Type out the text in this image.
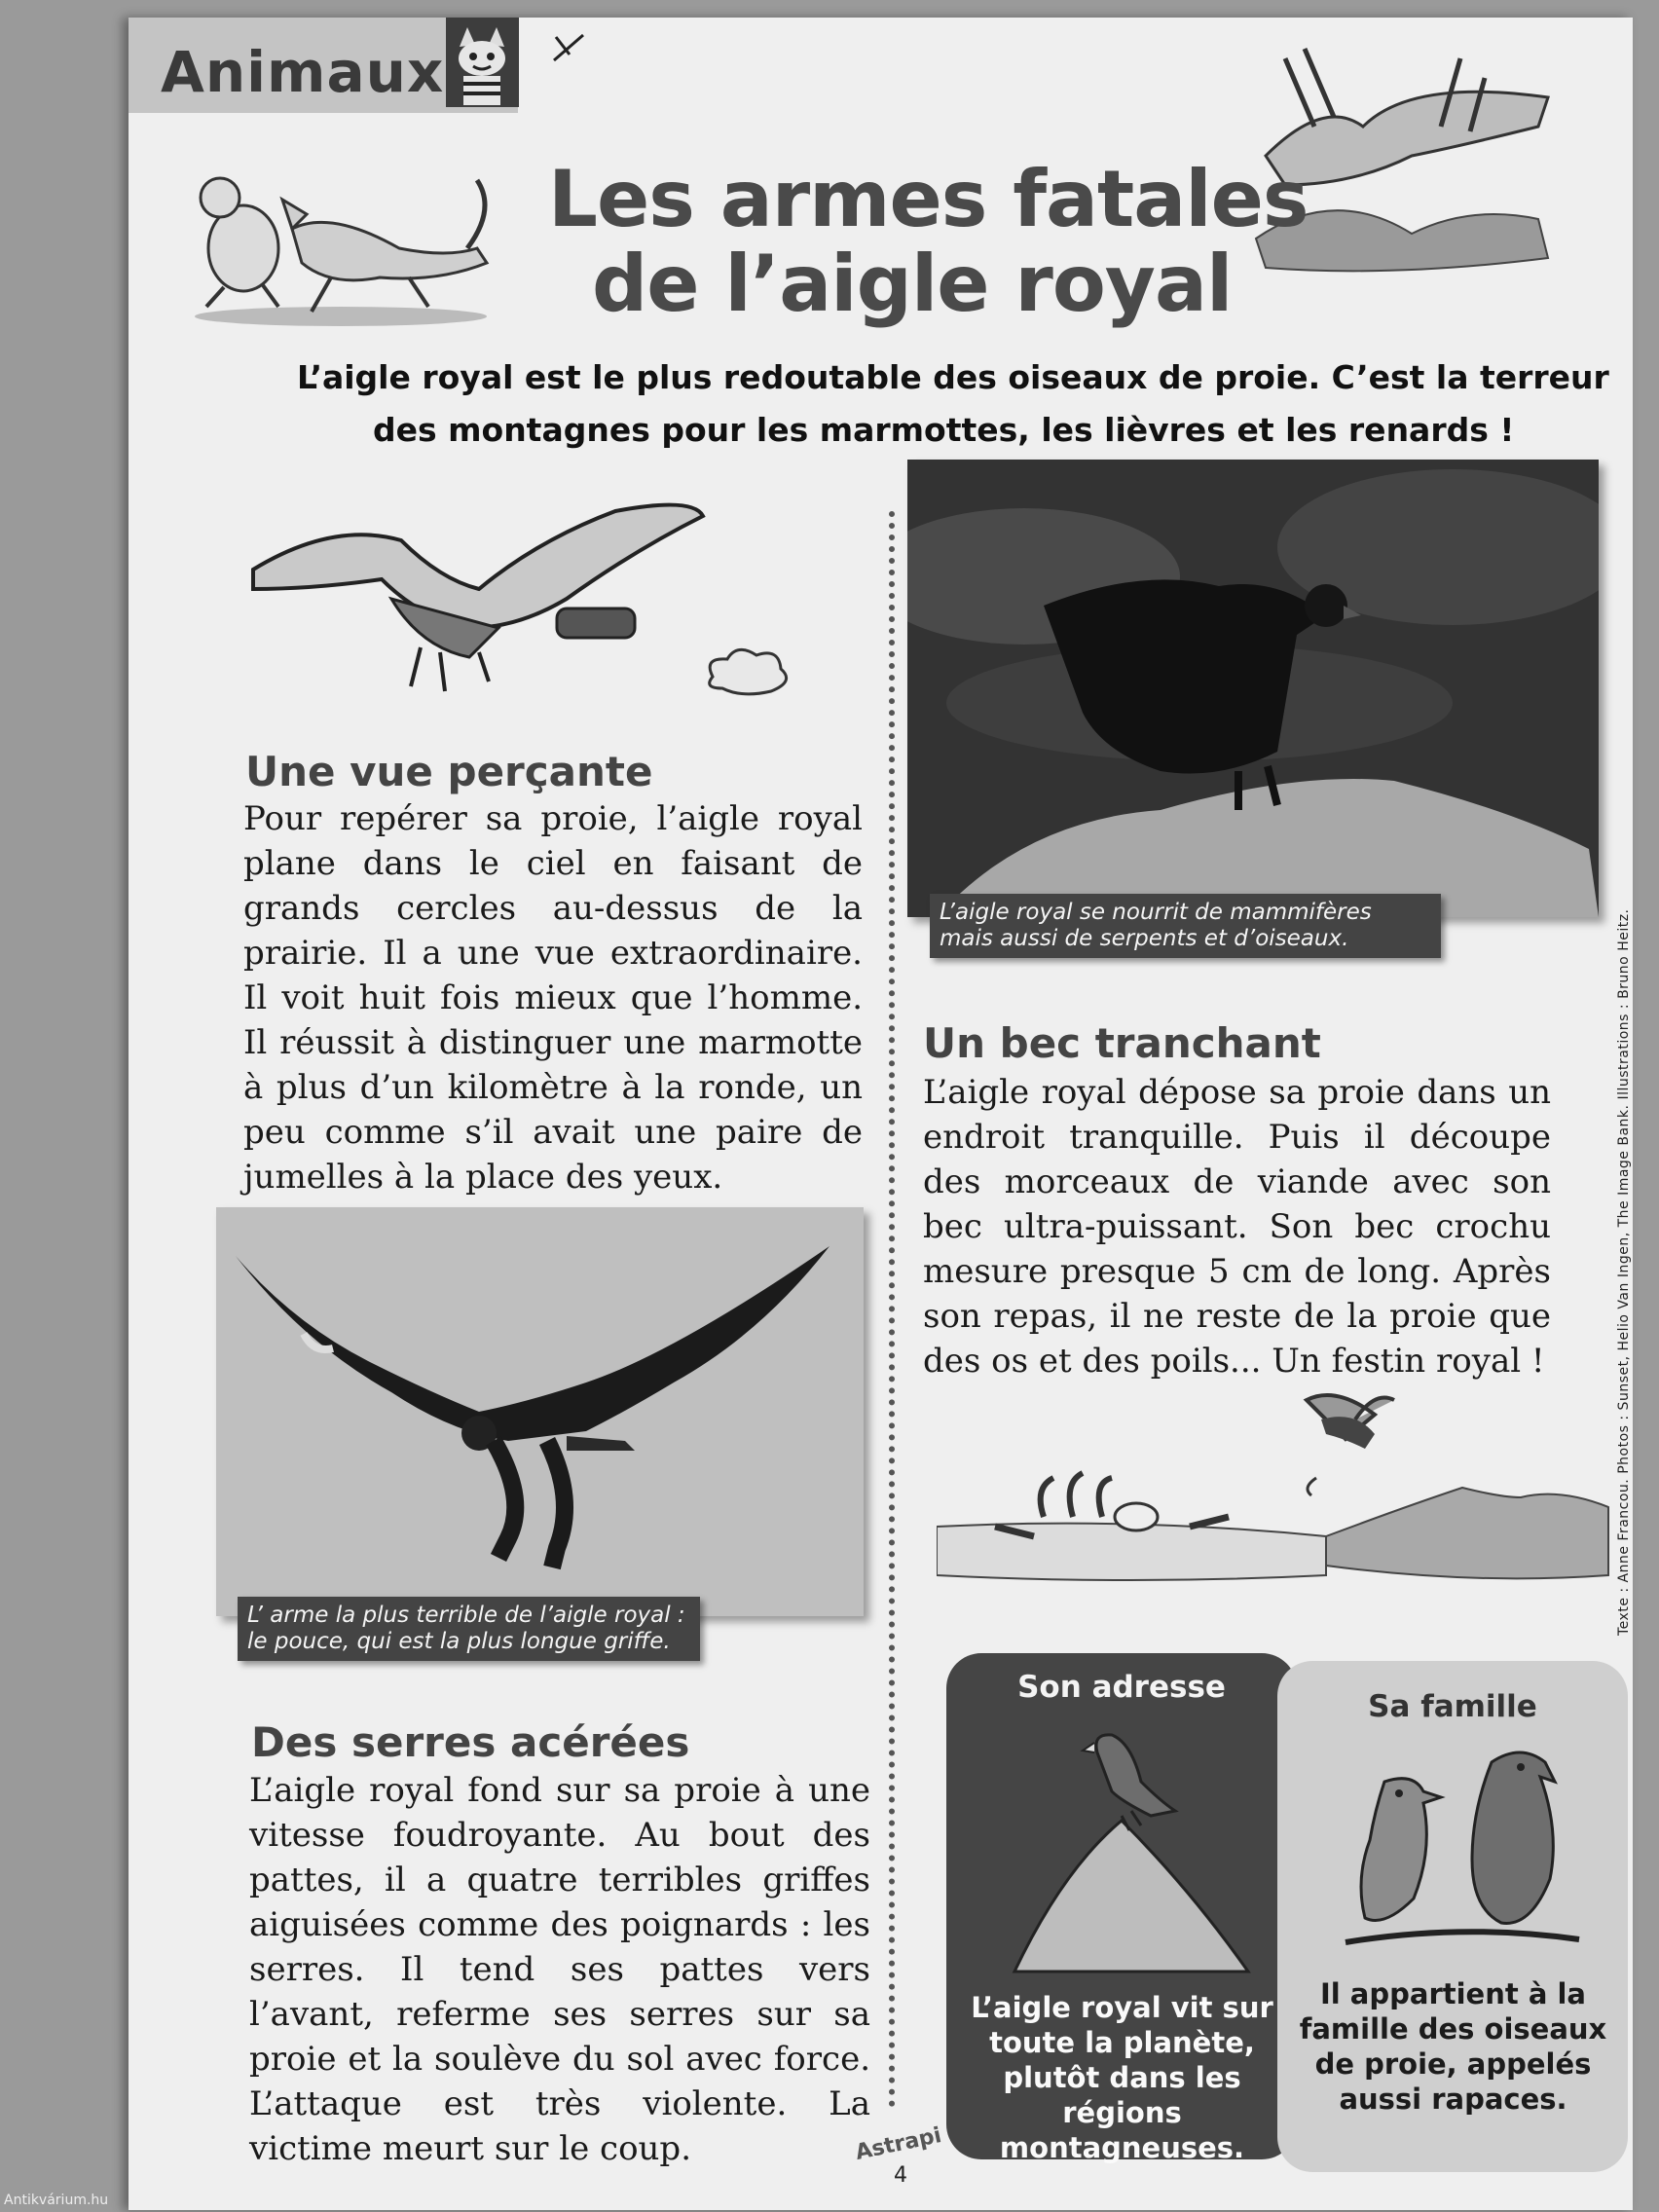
Animaux
Les armes fatales
de l’aigle royal
L’aigle royal est le plus redoutable des oiseaux de proie. C’est la terreur
des montagnes pour les marmottes, les lièvres et les renards !
Une vue perçante
Pour repérer sa proie, l’aigle royal plane dans le ciel en faisant de grands cercles au-dessus de la prairie. Il a une vue extraordinaire. Il voit huit fois mieux que l’homme. Il réussit à distinguer une marmotte à plus d’un kilomètre à la ronde, un peu comme s’il avait une paire de jumelles à la place des yeux.
L’aigle royal se nourrit de mammifères mais aussi de serpents et d’oiseaux.
Un bec tranchant
L’aigle royal dépose sa proie dans un endroit tranquille. Puis il découpe des morceaux de viande avec son bec ultra-puissant. Son bec crochu mesure presque 5 cm de long. Après son repas, il ne reste de la proie que des os et des poils... Un festin royal !
L’ arme la plus terrible de l’aigle royal : le pouce, qui est la plus longue griffe.
Des serres acérées
L’aigle royal fond sur sa proie à une vitesse foudroyante. Au bout des pattes, il a quatre terribles griffes aiguisées comme des poignards : les serres. Il tend ses pattes vers l’avant, referme ses serres sur sa proie et la soulève du sol avec force. L’attaque est très violente. La victime meurt sur le coup.
Son adresse
L’aigle royal vit sur toute la planète, plutôt dans les régions montagneuses.
Sa famille
Il appartient à la famille des oiseaux de proie, appelés aussi rapaces.
Texte : Anne Francou. Photos : Sunset, Helio Van Ingen, The Image Bank. Illustrations : Bruno Heitz.
Astrapi
4
Antikvárium.hu
